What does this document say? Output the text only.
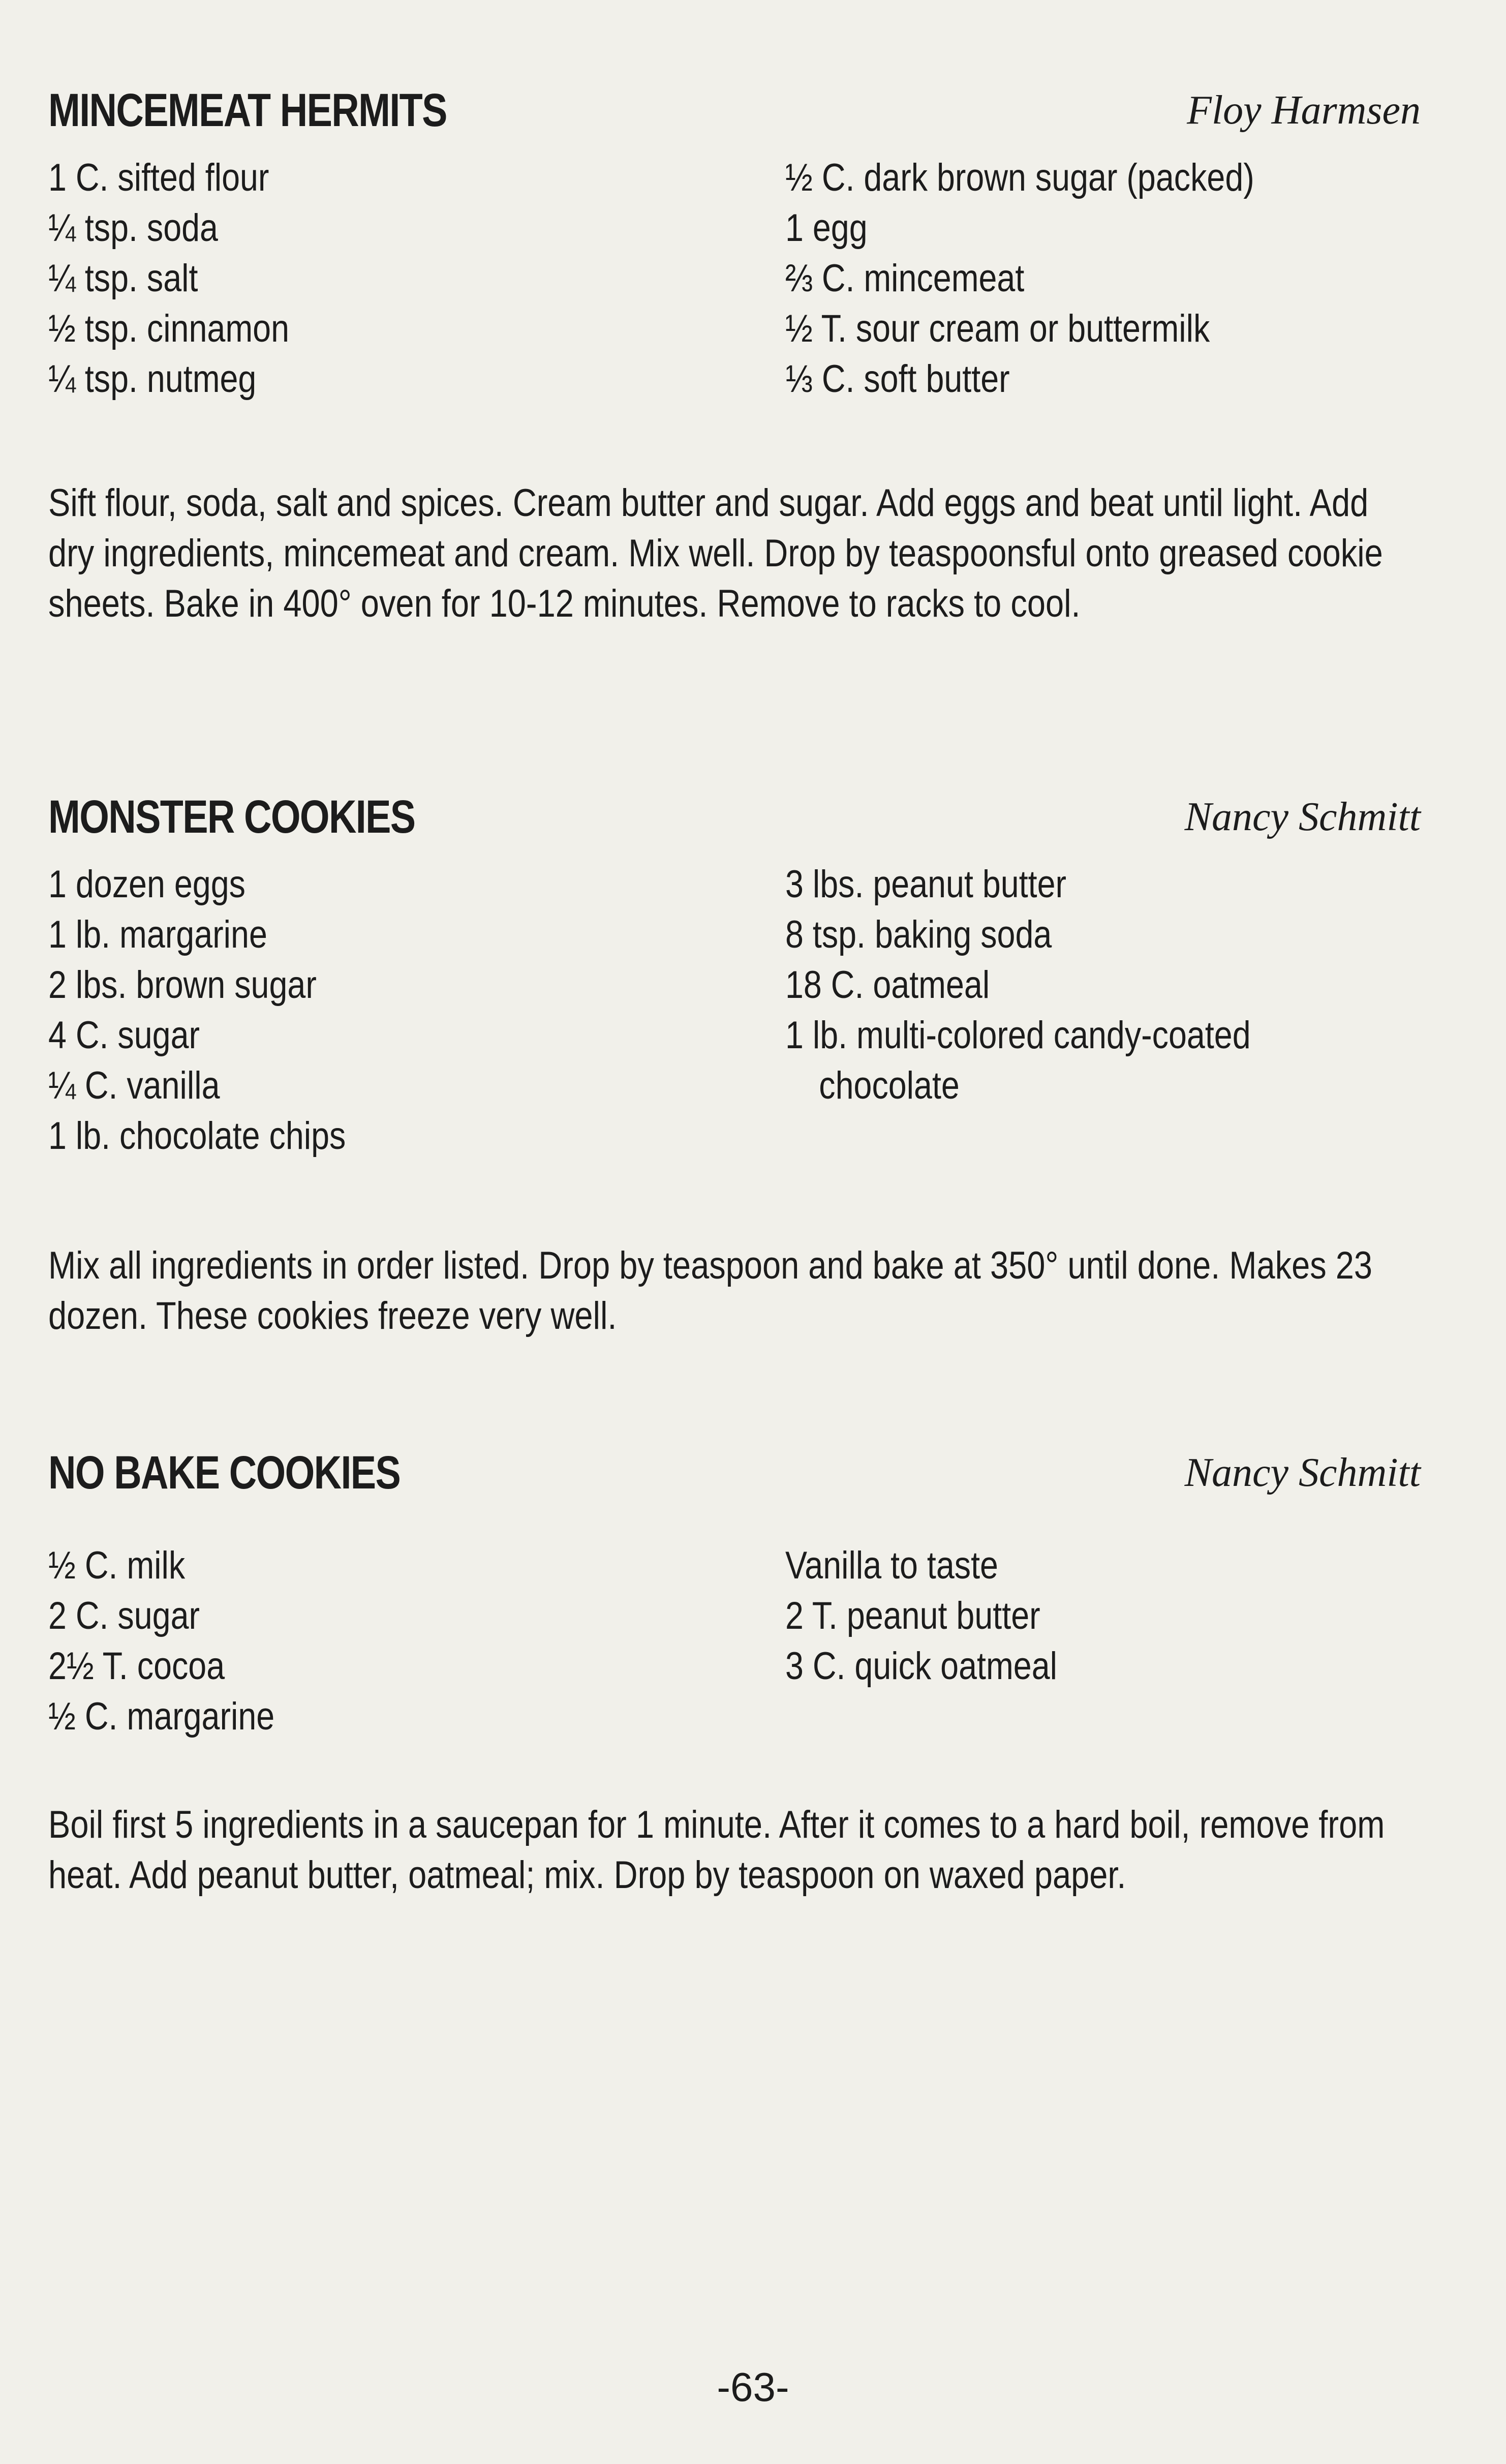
MINCEMEAT HERMITS	Floy Harmsen
1 C. sifted flour
¼ tsp. soda
¼ tsp. salt
½ tsp. cinnamon
¼ tsp. nutmeg
½ C. dark brown sugar (packed)
1 egg
⅔ C. mincemeat
½ T. sour cream or buttermilk
⅓ C. soft butter
Sift flour, soda, salt and spices. Cream butter and sugar. Add eggs and beat until light. Add dry ingredients, mincemeat and cream. Mix well. Drop by teaspoonsful onto greased cookie sheets. Bake in 400° oven for 10-12 minutes. Remove to racks to cool.
MONSTER COOKIES	Nancy Schmitt
1 dozen eggs
1 lb. margarine
2 lbs. brown sugar
4 C. sugar
¼ C. vanilla
1 lb. chocolate chips
3 lbs. peanut butter
8 tsp. baking soda
18 C. oatmeal
1 lb. multi-colored candy-coated
chocolate
Mix all ingredients in order listed. Drop by teaspoon and bake at 350° until done. Makes 23 dozen. These cookies freeze very well.
NO BAKE COOKIES	Nancy Schmitt
½ C. milk
2 C. sugar
2½ T. cocoa
½ C. margarine
Vanilla to taste
2 T. peanut butter
3 C. quick oatmeal
Boil first 5 ingredients in a saucepan for 1 minute. After it comes to a hard boil, remove from heat. Add peanut butter, oatmeal; mix. Drop by teaspoon on waxed paper.
-63-
